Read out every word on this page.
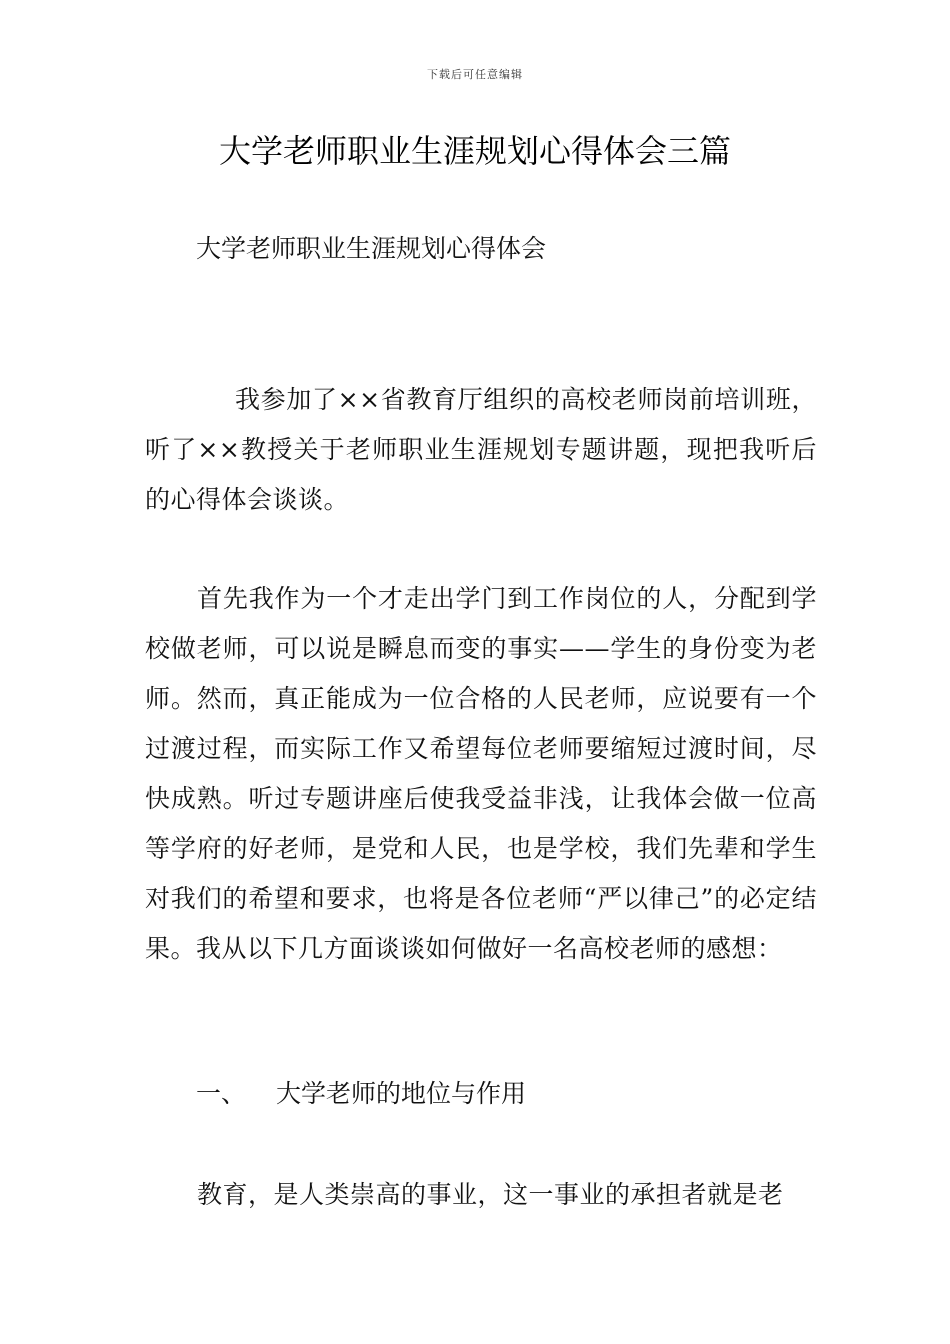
下载后可任意编辑
大学老师职业生涯规划心得体会三篇
大学老师职业生涯规划心得体会

我参加了××省教育厅组织的高校老师岗前培训班，听了××教授关于老师职业生涯规划专题讲题，现把我听后的心得体会谈谈。

首先我作为一个才走出学门到工作岗位的人，分配到学校做老师，可以说是瞬息而变的事实——学生的身份变为老师。然而，真正能成为一位合格的人民老师，应说要有一个过渡过程，而实际工作又希望每位老师要缩短过渡时间，尽快成熟。听过专题讲座后使我受益非浅，让我体会做一位高等学府的好老师，是党和人民，也是学校，我们先辈和学生对我们的希望和要求，也将是各位老师“严以律己”的必定结果。我从以下几方面谈谈如何做好一名高校老师的感想：

一、 大学老师的地位与作用

教育，是人类崇高的事业，这一事业的承担者就是老
